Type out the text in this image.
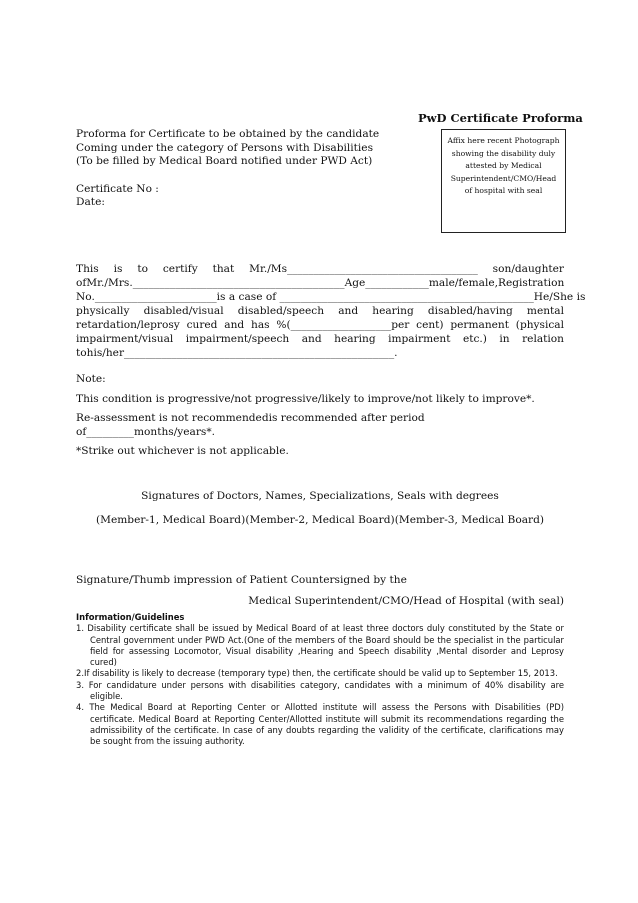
PwD Certificate Proforma
Proforma for Certificate to be obtained by the candidate
Coming under the category of Persons with Disabilities
(To be filled by Medical Board notified under PWD Act)
Certificate No :
Date:
Affix here recent Photograph
showing the disability duly
attested by Medical
Superintendent/CMO/Head
of hospital with seal
This is to certify that Mr./Ms____________________________________ son/daughter
ofMr./Mrs.________________________________________Age____________male/female,Registration
No._______________________is a case of ________________________________________________He/She is
physically disabled/visual disabled/speech and hearing disabled/having mental
retardation/leprosy cured and has %(___________________per cent) permanent (physical
impairment/visual impairment/speech and hearing impairment etc.) in relation
tohis/her___________________________________________________.

Note:

This condition is progressive/not progressive/likely to improve/not likely to improve*.

Re-assessment is not recommendedis recommended after period of_________months/years*.

*Strike out whichever is not applicable.

Signatures of Doctors, Names, Specializations, Seals with degrees
(Member-1, Medical Board) (Member-2, Medical Board) (Member-3, Medical Board)
Signature/Thumb impression of Patient Countersigned by the
Medical Superintendent/CMO/Head of Hospital (with seal)
Information/Guidelines
1. Disability certificate shall be issued by Medical Board of at least three doctors duly constituted by the State or Central government under PWD Act.(One of the members of the Board should be the specialist in the particular field for assessing Locomotor, Visual disability ,Hearing and Speech disability ,Mental disorder and Leprosy cured)
2.If disability is likely to decrease (temporary type) then, the certificate should be valid up to September 15, 2013.
3. For candidature under persons with disabilities category, candidates with a minimum of 40% disability are eligible.
4. The Medical Board at Reporting Center or Allotted institute will assess the Persons with Disabilities (PD) certificate. Medical Board at Reporting Center/Allotted institute will submit its recommendations regarding the admissibility of the certificate. In case of any doubts regarding the validity of the certificate, clarifications may be sought from the issuing authority.
